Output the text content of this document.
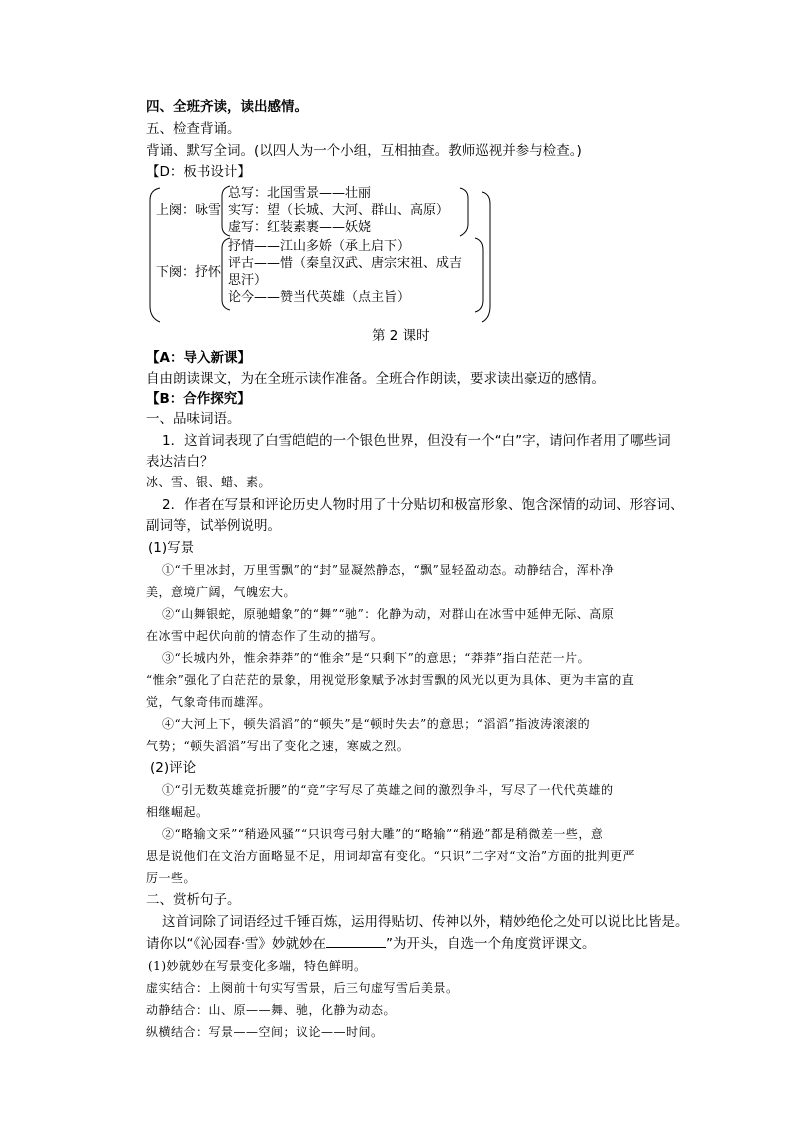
四、全班齐读，读出感情。
五、检查背诵。
背诵、默写全词。(以四人为一个小组，互相抽查。教师巡视并参与检查。)
【D：板书设计】
上阕：咏雪
下阕：抒怀
总写：北国雪景——壮丽
实写：望（长城、大河、群山、高原）
虚写：红装素裹——妖娆
抒情——江山多娇（承上启下）
评古——惜（秦皇汉武、唐宗宋祖、成吉
思汗）
论今——赞当代英雄（点主旨）
第 2 课时
【A：导入新课】
自由朗读课文，为在全班示读作准备。全班合作朗读，要求读出豪迈的感情。
【B：合作探究】
一、品味词语。
1．这首词表现了白雪皑皑的一个银色世界，但没有一个“白”字，请问作者用了哪些词
表达洁白？
冰、雪、银、蜡、素。
2．作者在写景和评论历史人物时用了十分贴切和极富形象、饱含深情的动词、形容词、
副词等，试举例说明。
(1)写景
①“千里冰封，万里雪飘”的“封”显凝然静态，“飘”显轻盈动态。动静结合，浑朴净
美，意境广阔，气魄宏大。
②“山舞银蛇，原驰蜡象”的“舞”“驰”：化静为动，对群山在冰雪中延伸无际、高原
在冰雪中起伏向前的情态作了生动的描写。
③“长城内外，惟余莽莽”的“惟余”是“只剩下”的意思；“莽莽”指白茫茫一片。
“惟余”强化了白茫茫的景象，用视觉形象赋予冰封雪飘的风光以更为具体、更为丰富的直
觉，气象奇伟而雄浑。
④“大河上下，顿失滔滔”的“顿失”是“顿时失去”的意思；“滔滔”指波涛滚滚的
气势；“顿失滔滔”写出了变化之速，寒威之烈。
(2)评论
①“引无数英雄竞折腰”的“竞”字写尽了英雄之间的激烈争斗，写尽了一代代英雄的
相继崛起。
②“略输文采”“稍逊风骚”“只识弯弓射大雕”的“略输”“稍逊”都是稍微差一些，意
思是说他们在文治方面略显不足，用词却富有变化。“只识”二字对“文治”方面的批判更严
厉一些。
二、赏析句子。
这首词除了词语经过千锤百炼，运用得贴切、传神以外，精妙绝伦之处可以说比比皆是。
请你以“《沁园春·雪》妙就妙在	”为开头，自选一个角度赏评课文。
(1)妙就妙在写景变化多端，特色鲜明。
虚实结合：上阕前十句实写雪景，后三句虚写雪后美景。
动静结合：山、原——舞、驰，化静为动态。
纵横结合：写景——空间；议论——时间。
